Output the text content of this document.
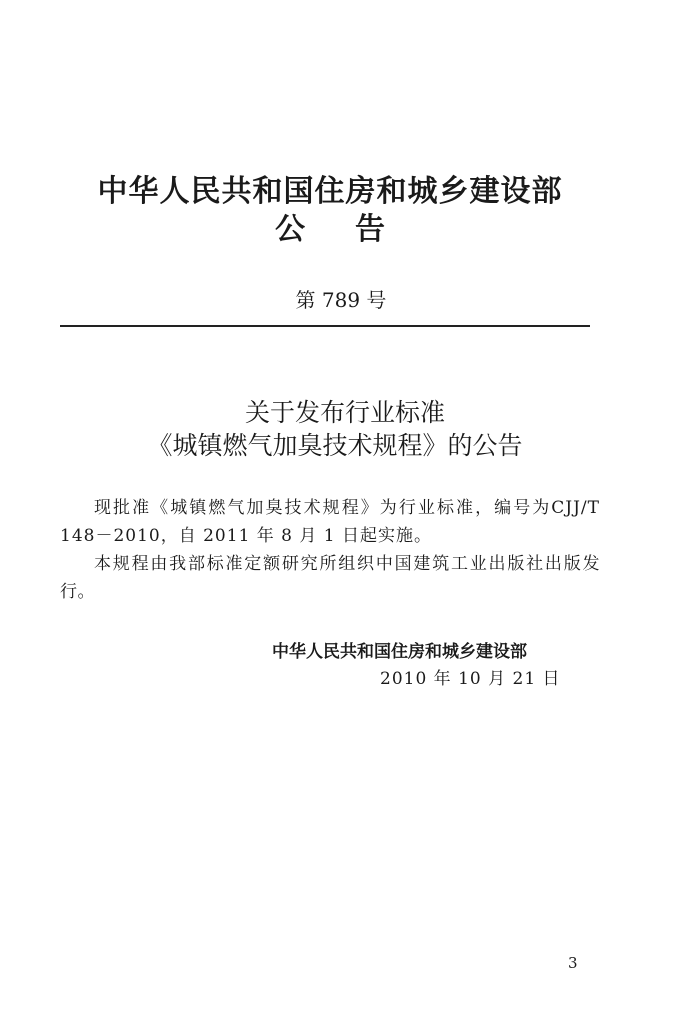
中华人民共和国住房和城乡建设部
公告
第 789 号
关于发布行业标准
《城镇燃气加臭技术规程》的公告
现批准《城镇燃气加臭技术规程》为行业标准，编号为CJJ/T 148－2010，自 2011 年 8 月 1 日起实施。
本规程由我部标准定额研究所组织中国建筑工业出版社出版发行。
中华人民共和国住房和城乡建设部
2010 年 10 月 21 日
3
